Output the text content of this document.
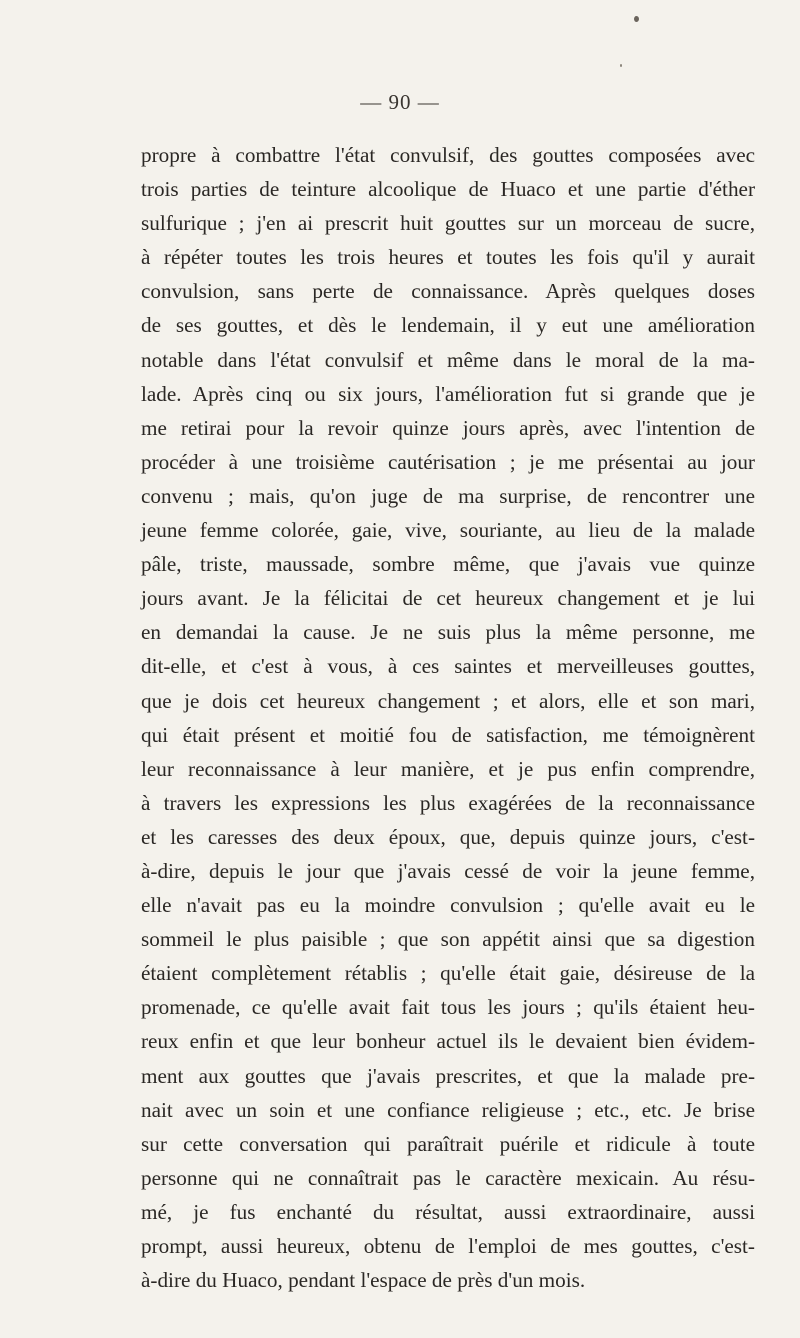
— 90 —
propre à combattre l'état convulsif, des gouttes composées avec
trois parties de teinture alcoolique de Huaco et une partie d'éther
sulfurique ; j'en ai prescrit huit gouttes sur un morceau de sucre,
à répéter toutes les trois heures et toutes les fois qu'il y aurait
convulsion, sans perte de connaissance. Après quelques doses
de ses gouttes, et dès le lendemain, il y eut une amélioration
notable dans l'état convulsif et même dans le moral de la ma-
lade. Après cinq ou six jours, l'amélioration fut si grande que je
me retirai pour la revoir quinze jours après, avec l'intention de
procéder à une troisième cautérisation ; je me présentai au jour
convenu ; mais, qu'on juge de ma surprise, de rencontrer une
jeune femme colorée, gaie, vive, souriante, au lieu de la malade
pâle, triste, maussade, sombre même, que j'avais vue quinze
jours avant. Je la félicitai de cet heureux changement et je lui
en demandai la cause. Je ne suis plus la même personne, me
dit-elle, et c'est à vous, à ces saintes et merveilleuses gouttes,
que je dois cet heureux changement ; et alors, elle et son mari,
qui était présent et moitié fou de satisfaction, me témoignèrent
leur reconnaissance à leur manière, et je pus enfin comprendre,
à travers les expressions les plus exagérées de la reconnaissance
et les caresses des deux époux, que, depuis quinze jours, c'est-
à-dire, depuis le jour que j'avais cessé de voir la jeune femme,
elle n'avait pas eu la moindre convulsion ; qu'elle avait eu le
sommeil le plus paisible ; que son appétit ainsi que sa digestion
étaient complètement rétablis ; qu'elle était gaie, désireuse de la
promenade, ce qu'elle avait fait tous les jours ; qu'ils étaient heu-
reux enfin et que leur bonheur actuel ils le devaient bien évidem-
ment aux gouttes que j'avais prescrites, et que la malade pre-
nait avec un soin et une confiance religieuse ; etc., etc. Je brise
sur cette conversation qui paraîtrait puérile et ridicule à toute
personne qui ne connaîtrait pas le caractère mexicain. Au résu-
mé, je fus enchanté du résultat, aussi extraordinaire, aussi
prompt, aussi heureux, obtenu de l'emploi de mes gouttes, c'est-
à-dire du Huaco, pendant l'espace de près d'un mois.
